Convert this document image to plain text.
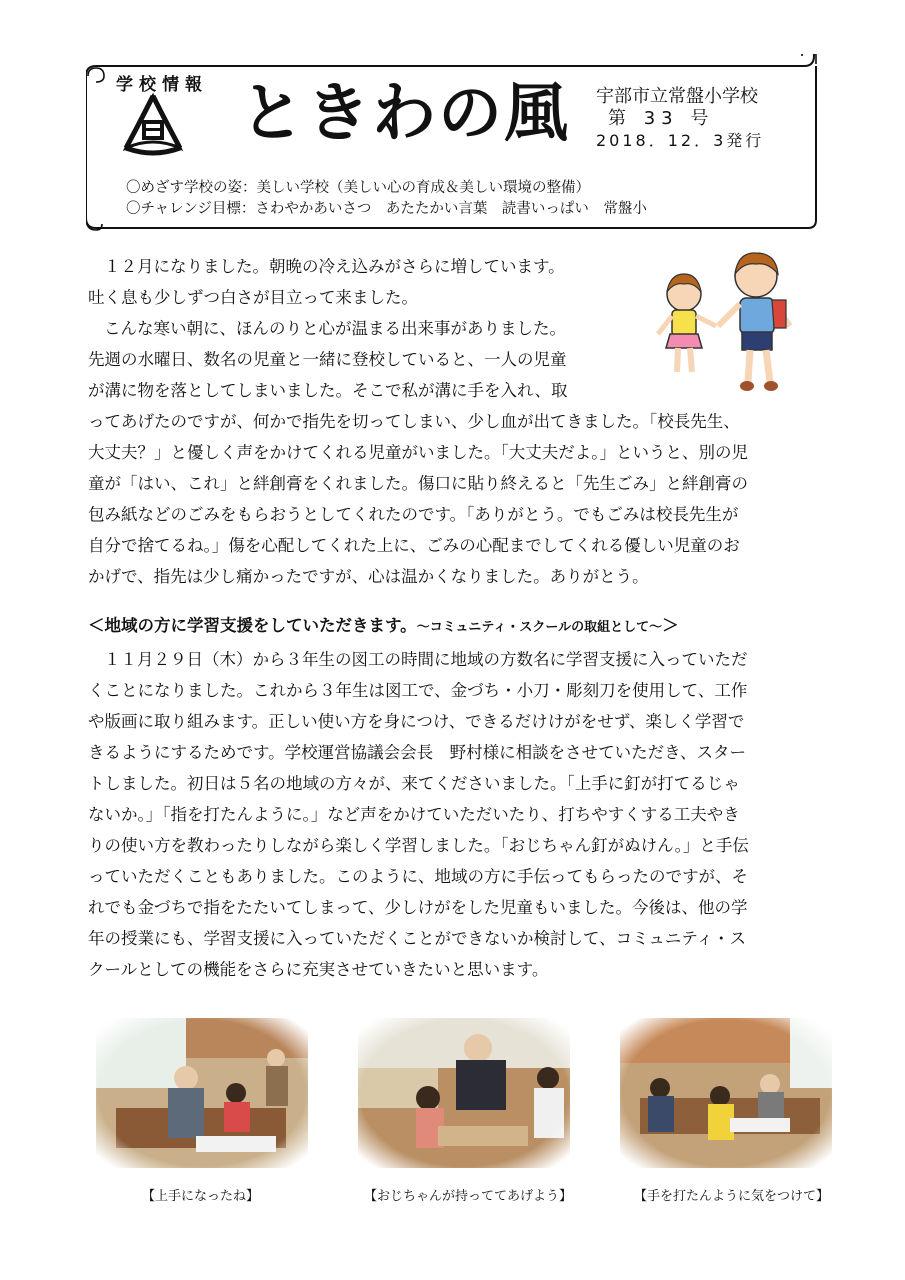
学校情報 ときわの風 宇部市立常盤小学校

第 33 号
2018．12．3発行
〇めざす学校の姿：美しい学校（美しい心の育成＆美しい環境の整備）
〇チャレンジ目標：さわやかあいさつ　あたたかい言葉　読書いっぱい　常盤小
１２月になりました。朝晩の冷え込みがさらに増しています。
吐く息も少しずつ白さが目立って来ました。
こんな寒い朝に、ほんのりと心が温まる出来事がありました。
先週の水曜日、数名の児童と一緒に登校していると、一人の児童
が溝に物を落としてしまいました。そこで私が溝に手を入れ、取
ってあげたのですが、何かで指先を切ってしまい、少し血が出てきました。「校長先生、
大丈夫？」と優しく声をかけてくれる児童がいました。「大丈夫だよ。」というと、別の児
童が「はい、これ」と絆創膏をくれました。傷口に貼り終えると「先生ごみ」と絆創膏の
包み紙などのごみをもらおうとしてくれたのです。「ありがとう。でもごみは校長先生が
自分で捨てるね。」傷を心配してくれた上に、ごみの心配までしてくれる優しい児童のお
かげで、指先は少し痛かったですが、心は温かくなりました。ありがとう。
＜地域の方に学習支援をしていただきます。～コミュニティ・スクールの取組として～＞
１１月２９日（木）から３年生の図工の時間に地域の方数名に学習支援に入っていただ
くことになりました。これから３年生は図工で、金づち・小刀・彫刻刀を使用して、工作
や版画に取り組みます。正しい使い方を身につけ、できるだけけがをせず、楽しく学習で
きるようにするためです。学校運営協議会会長　野村様に相談をさせていただき、スター
トしました。初日は５名の地域の方々が、来てくださいました。「上手に釘が打てるじゃ
ないか。」「指を打たんように。」など声をかけていただいたり、打ちやすくする工夫やき
りの使い方を教わったりしながら楽しく学習しました。「おじちゃん釘がぬけん。」と手伝
っていただくこともありました。このように、地域の方に手伝ってもらったのですが、そ
れでも金づちで指をたたいてしまって、少しけがをした児童もいました。今後は、他の学
年の授業にも、学習支援に入っていただくことができないか検討して、コミュニティ・ス
クールとしての機能をさらに充実させていきたいと思います。
【上手になったね】	【おじちゃんが持っててあげよう】	【手を打たんように気をつけて】
